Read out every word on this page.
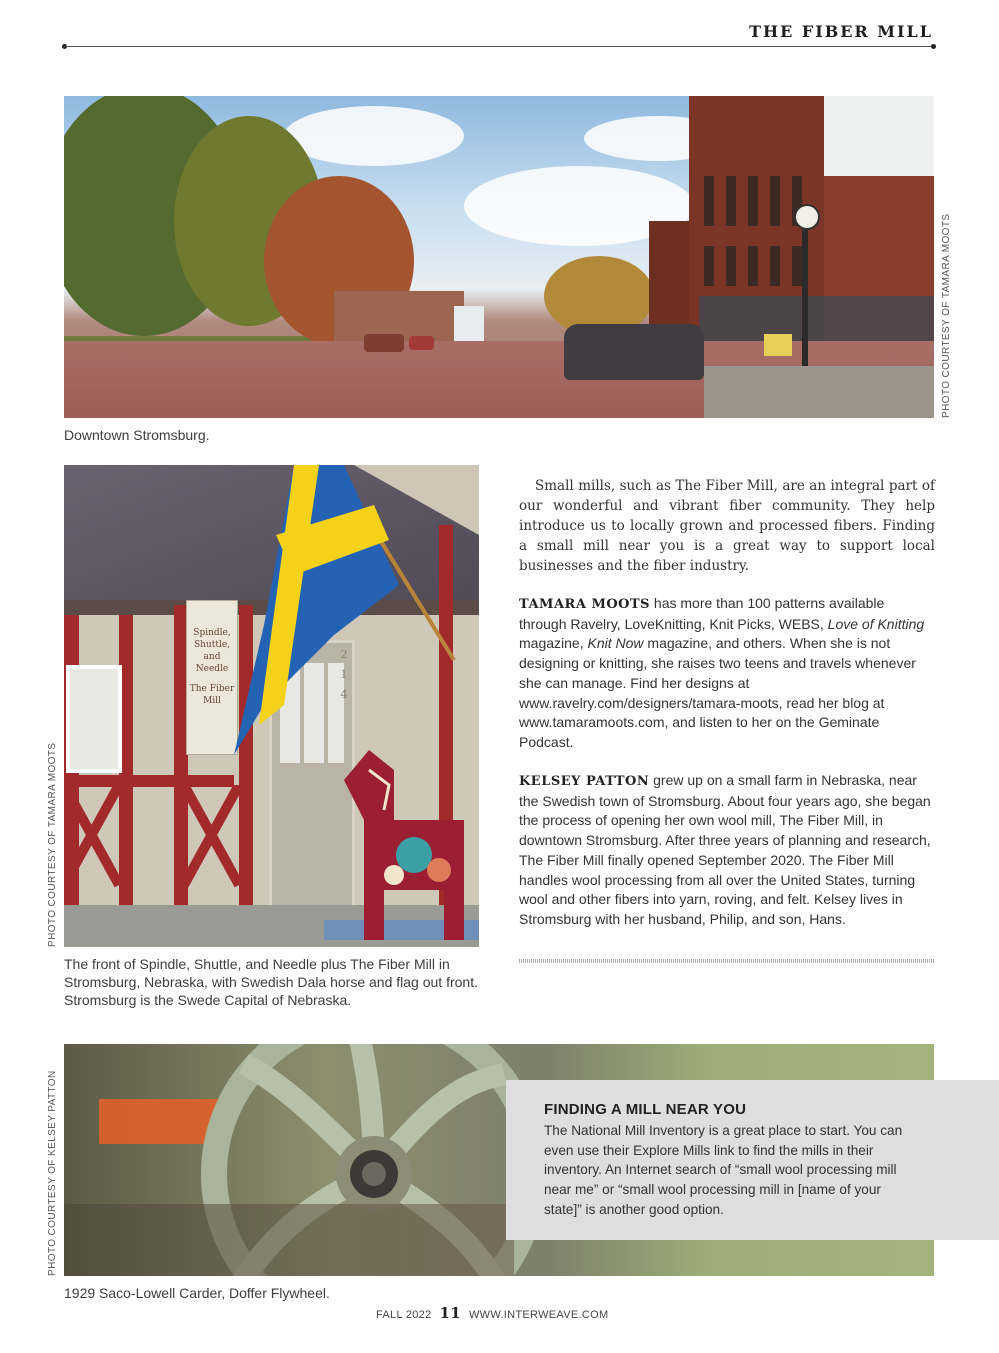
THE FIBER MILL
PHOTO COURTESY OF TAMARA MOOTS
Downtown Stromsburg.
Spindle,
Shuttle, and
Needle
The Fiber
Mill
214
PHOTO COURTESY OF TAMARA MOOTS
The front of Spindle, Shuttle, and Needle plus The Fiber Mill in Stromsburg, Nebraska, with Swedish Dala horse and flag out front. Stromsburg is the Swede Capital of Nebraska.
Small mills, such as The Fiber Mill, are an integral part of our wonderful and vibrant fiber community. They help introduce us to locally grown and processed fibers. Finding a small mill near you is a great way to support local businesses and the fiber industry.
TAMARA MOOTS has more than 100 patterns available through Ravelry, LoveKnitting, Knit Picks, WEBS, Love of Knitting magazine, Knit Now magazine, and others. When she is not designing or knitting, she raises two teens and travels whenever she can manage. Find her designs at www.ravelry.com/designers/tamara-moots, read her blog at www.tamaramoots.com, and listen to her on the Geminate Podcast.
KELSEY PATTON grew up on a small farm in Nebraska, near the Swedish town of Stromsburg. About four years ago, she began the process of opening her own wool mill, The Fiber Mill, in downtown Stromsburg. After three years of planning and research, The Fiber Mill finally opened September 2020. The Fiber Mill handles wool processing from all over the United States, turning wool and other fibers into yarn, roving, and felt. Kelsey lives in Stromsburg with her husband, Philip, and son, Hans.
PHOTO COURTESY OF KELSEY PATTON	FINDING A MILL NEAR YOU
The National Mill Inventory is a great place to start. You can even use their Explore Mills link to find the mills in their inventory. An Internet search of “small wool processing mill near me” or “small wool processing mill in [name of your state]” is another good option.
1929 Saco-Lowell Carder, Doffer Flywheel.
FALL 2022 11 WWW.INTERWEAVE.COM
